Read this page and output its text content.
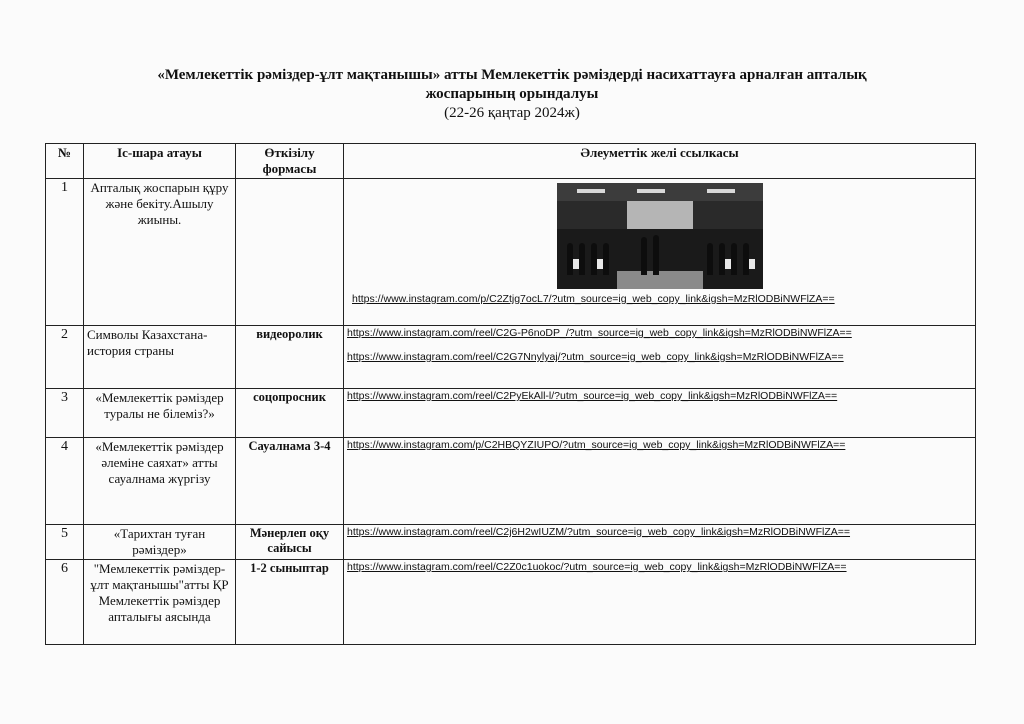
«Мемлекеттік рәміздер-ұлт мақтанышы» атты Мемлекеттік рәміздерді насихаттауға арналған апталық
жоспарының орындалуы
(22-26 қаңтар 2024ж)
№	Іс-шара атауы	Өткізілу формасы	Әлеуметтік желі ссылкасы
1	Апталық жоспарын құру және бекіту.Ашылу жиыны.		https://www.instagram.com/p/C2Ztjg7ocL7/?utm_source=ig_web_copy_link&igsh=MzRlODBiNWFlZA==

2	Символы Казахстана-история страны	видеоролик	https://www.instagram.com/reel/C2G-P6noDP_/?utm_source=ig_web_copy_link&igsh=MzRlODBiNWFlZA==
https://www.instagram.com/reel/C2G7Nnylyaj/?utm_source=ig_web_copy_link&igsh=MzRlODBiNWFlZA==

3	«Мемлекеттік рәміздер туралы не білеміз?»	соцопросник	https://www.instagram.com/reel/C2PyEkAll-l/?utm_source=ig_web_copy_link&igsh=MzRlODBiNWFlZA==

4	«Мемлекеттік рәміздер әлеміне саяхат» атты сауалнама жүргізу	Сауалнама 3-4	https://www.instagram.com/p/C2HBQYZIUPO/?utm_source=ig_web_copy_link&igsh=MzRlODBiNWFlZA==

5	«Тарихтан туған рәміздер»	Мәнерлеп оқу сайысы	https://www.instagram.com/reel/C2j6H2wIUZM/?utm_source=ig_web_copy_link&igsh=MzRlODBiNWFlZA==

6	"Мемлекеттік рәміздер-ұлт мақтанышы"атты ҚР Мемлекеттік рәміздер апталығы аясында	1-2 сыныптар	https://www.instagram.com/reel/C2Z0c1uokoc/?utm_source=ig_web_copy_link&igsh=MzRlODBiNWFlZA==
